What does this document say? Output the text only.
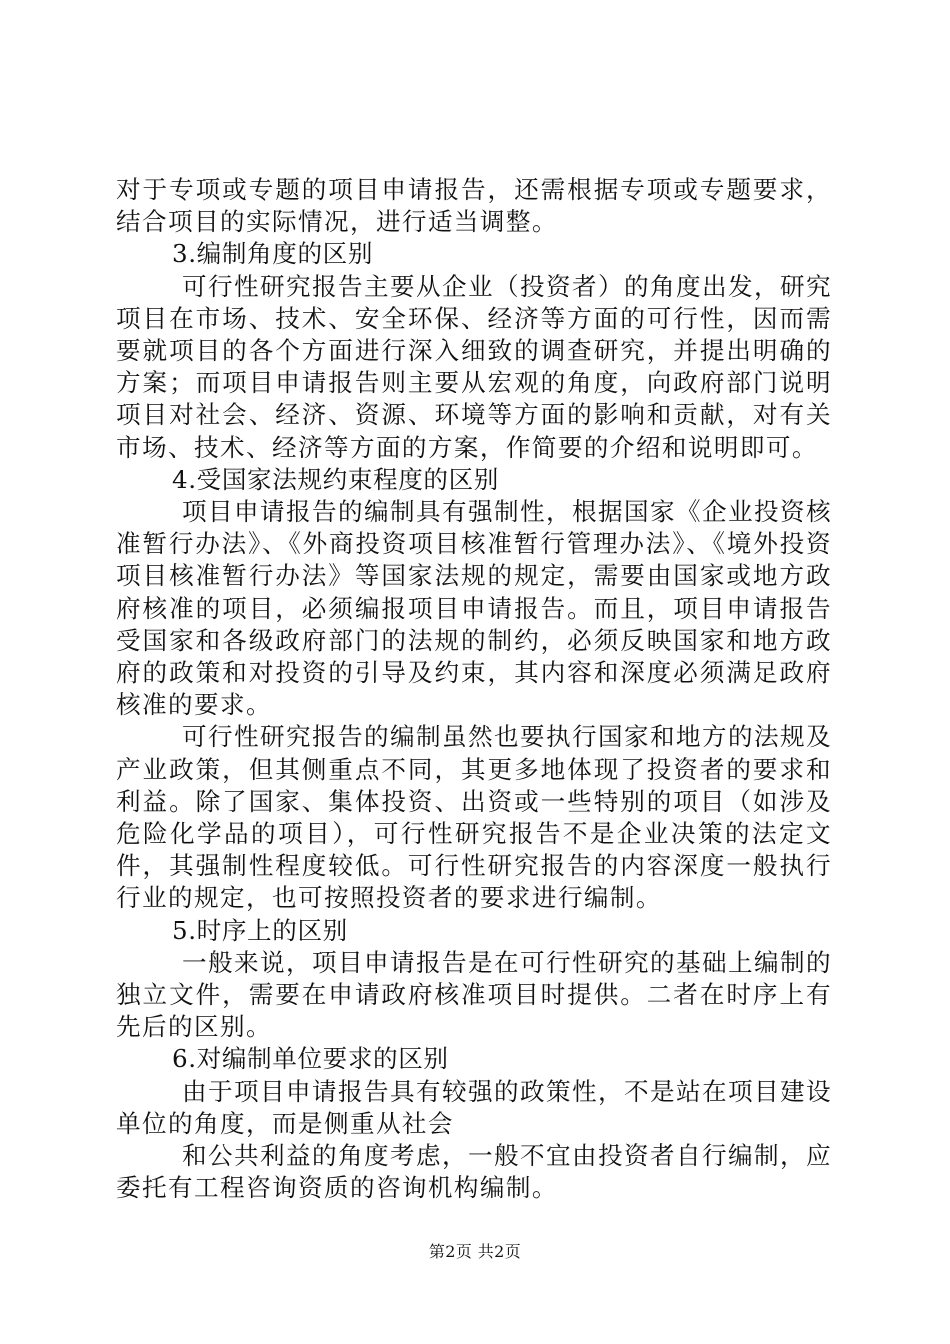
对于专项或专题的项目申请报告，还需根据专项或专题要求，结合项目的实际情况，进行适当调整。

3.编制角度的区别

可行性研究报告主要从企业（投资者）的角度出发，研究项目在市场、技术、安全环保、经济等方面的可行性，因而需要就项目的各个方面进行深入细致的调查研究，并提出明确的方案；而项目申请报告则主要从宏观的角度，向政府部门说明项目对社会、经济、资源、环境等方面的影响和贡献，对有关市场、技术、经济等方面的方案，作简要的介绍和说明即可。

4.受国家法规约束程度的区别

项目申请报告的编制具有强制性，根据国家《企业投资核准暂行办法》、《外商投资项目核准暂行管理办法》、《境外投资项目核准暂行办法》等国家法规的规定，需要由国家或地方政府核准的项目，必须编报项目申请报告。而且，项目申请报告受国家和各级政府部门的法规的制约，必须反映国家和地方政府的政策和对投资的引导及约束，其内容和深度必须满足政府核准的要求。

可行性研究报告的编制虽然也要执行国家和地方的法规及产业政策，但其侧重点不同，其更多地体现了投资者的要求和利益。除了国家、集体投资、出资或一些特别的项目（如涉及危险化学品的项目），可行性研究报告不是企业决策的法定文件，其强制性程度较低。可行性研究报告的内容深度一般执行行业的规定，也可按照投资者的要求进行编制。

5.时序上的区别

一般来说，项目申请报告是在可行性研究的基础上编制的独立文件，需要在申请政府核准项目时提供。二者在时序上有先后的区别。

6.对编制单位要求的区别

由于项目申请报告具有较强的政策性，不是站在项目建设单位的角度，而是侧重从社会

和公共利益的角度考虑，一般不宜由投资者自行编制，应委托有工程咨询资质的咨询机构编制。

第2页 共2页
